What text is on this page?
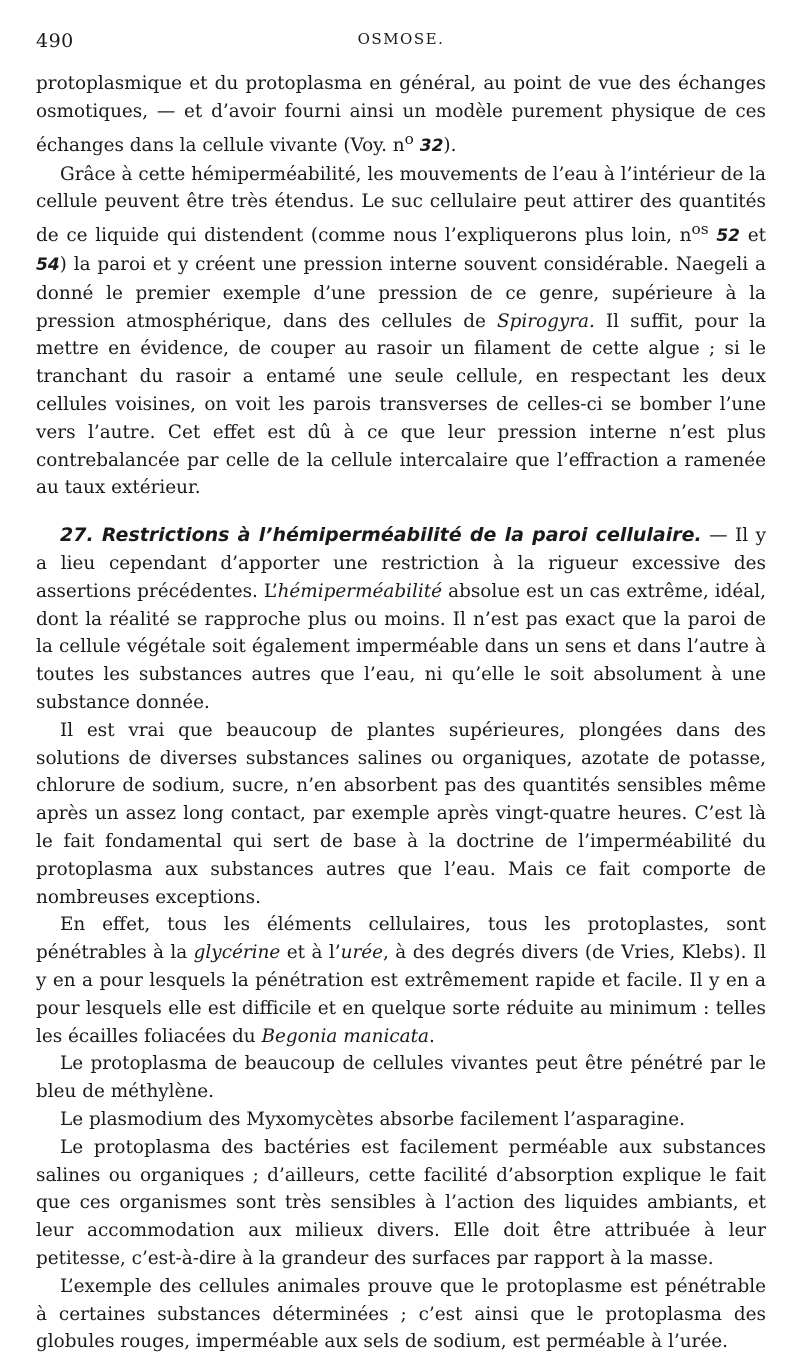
490	OSMOSE.

protoplasmique et du protoplasma en général, au point de vue des échanges osmotiques, — et d’avoir fourni ainsi un modèle purement physique de ces échanges dans la cellule vivante (Voy. $n^o$ 32).

Grâce à cette hémiperméabilité, les mouvements de l’eau à l’intérieur de la cellule peuvent être très étendus. Le suc cellulaire peut attirer des quantités de ce liquide qui distendent (comme nous l’expliquerons plus loin, $n^{os}$ 52 et 54) la paroi et y créent une pression interne souvent considérable. Naegeli a donné le premier exemple d’une pression de ce genre, supérieure à la pression atmosphérique, dans des cellules de Spirogyra. Il suffit, pour la mettre en évidence, de couper au rasoir un filament de cette algue ; si le tranchant du rasoir a entamé une seule cellule, en respectant les deux cellules voisines, on voit les parois transverses de celles-ci se bomber l’une vers l’autre. Cet effet est dû à ce que leur pression interne n’est plus contrebalancée par celle de la cellule intercalaire que l’effraction a ramenée au taux extérieur.

27. Restrictions à l’hémiperméabilité de la paroi cellulaire. — Il y a lieu cependant d’apporter une restriction à la rigueur excessive des assertions précédentes. L’hémiperméabilité absolue est un cas extrême, idéal, dont la réalité se rapproche plus ou moins. Il n’est pas exact que la paroi de la cellule végétale soit également imperméable dans un sens et dans l’autre à toutes les substances autres que l’eau, ni qu’elle le soit absolument à une substance donnée.

Il est vrai que beaucoup de plantes supérieures, plongées dans des solutions de diverses substances salines ou organiques, azotate de potasse, chlorure de sodium, sucre, n’en absorbent pas des quantités sensibles même après un assez long contact, par exemple après vingt-quatre heures. C’est là le fait fondamental qui sert de base à la doctrine de l’imperméabilité du protoplasma aux substances autres que l’eau. Mais ce fait comporte de nombreuses exceptions.

En effet, tous les éléments cellulaires, tous les protoplastes, sont pénétrables à la glycérine et à l’urée, à des degrés divers (de Vries, Klebs). Il y en a pour lesquels la pénétration est extrêmement rapide et facile. Il y en a pour lesquels elle est difficile et en quelque sorte réduite au minimum : telles les écailles foliacées du Begonia manicata.

Le protoplasma de beaucoup de cellules vivantes peut être pénétré par le bleu de méthylène.

Le plasmodium des Myxomycètes absorbe facilement l’asparagine.

Le protoplasma des bactéries est facilement perméable aux substances salines ou organiques ; d’ailleurs, cette facilité d’absorption explique le fait que ces organismes sont très sensibles à l’action des liquides ambiants, et leur accommodation aux milieux divers. Elle doit être attribuée à leur petitesse, c’est-à-dire à la grandeur des surfaces par rapport à la masse.

L’exemple des cellules animales prouve que le protoplasme est pénétrable à certaines substances déterminées ; c’est ainsi que le protoplasma des globules rouges, imperméable aux sels de sodium, est perméable à l’urée.
